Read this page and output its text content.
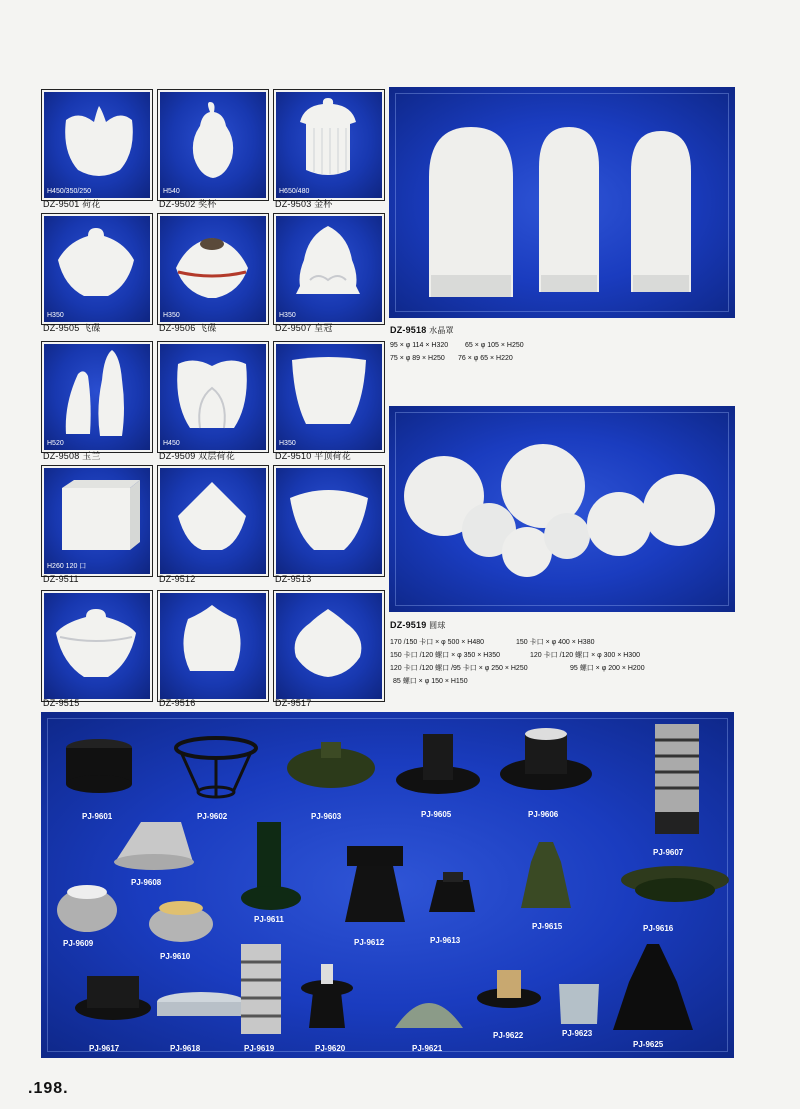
H450/350/250	H540	H650/480
DZ-9501 荷花	DZ-9502 奖杯	DZ-9503 金杯
H350	H350	H350
DZ-9505 飞碟	DZ-9506 飞碟	DZ-9507 皇冠
H520	H450	H350
DZ-9508 玉兰	DZ-9509 双层荷花	DZ-9510 平顶荷花
H260 120 口
DZ-9511	DZ-9512	DZ-9513
DZ-9515	DZ-9516	DZ-9517
DZ-9518 水晶罩
95 × φ 114 × H320 65 × φ 105 × H250
75 × φ 89 × H250 76 × φ 65 × H220
DZ-9519 圆球
170 /150 卡口 × φ 500 × H480	150 卡口 × φ 400 × H380
150 卡口 /120 螺口 × φ 350 × H350	120 卡口 /120 螺口 × φ 300 × H300
120 卡口 /120 螺口 /95 卡口 × φ 250 × H250	95 螺口 × φ 200 × H200
85 螺口 × φ 150 × H150
PJ-9601	PJ-9602	PJ-9603	PJ-9605	PJ-9606
PJ-9607
PJ-9608
PJ-9609
PJ-9610
PJ-9611
PJ-9612	PJ-9613
PJ-9615	PJ-9616
PJ-9617	PJ-9618	PJ-9619	PJ-9620	PJ-9621
PJ-9622	PJ-9623
PJ-9625
.198.
